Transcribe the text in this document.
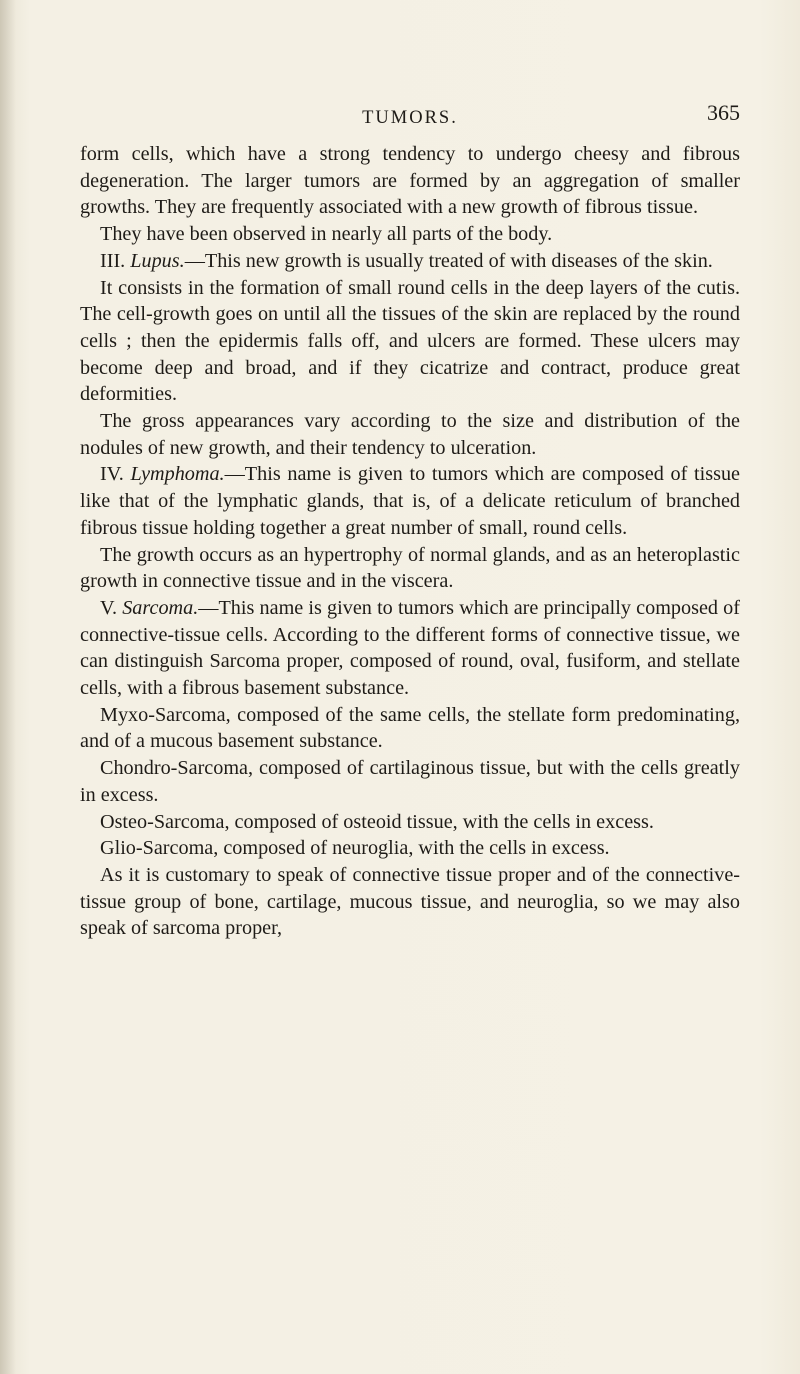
TUMORS.	365

form cells, which have a strong tendency to undergo cheesy and fibrous degeneration. The larger tumors are formed by an aggregation of smaller growths. They are frequently associated with a new growth of fibrous tissue.

They have been observed in nearly all parts of the body.

III. Lupus.—This new growth is usually treated of with diseases of the skin.

It consists in the formation of small round cells in the deep layers of the cutis. The cell-growth goes on until all the tissues of the skin are replaced by the round cells ; then the epidermis falls off, and ulcers are formed. These ulcers may become deep and broad, and if they cicatrize and contract, produce great deformities.

The gross appearances vary according to the size and distribution of the nodules of new growth, and their tendency to ulceration.

IV. Lymphoma.—This name is given to tumors which are composed of tissue like that of the lymphatic glands, that is, of a delicate reticulum of branched fibrous tissue holding together a great number of small, round cells.

The growth occurs as an hypertrophy of normal glands, and as an heteroplastic growth in connective tissue and in the viscera.

V. Sarcoma.—This name is given to tumors which are principally composed of connective-tissue cells. According to the different forms of connective tissue, we can distinguish Sarcoma proper, composed of round, oval, fusiform, and stellate cells, with a fibrous basement substance.

Myxo-Sarcoma, composed of the same cells, the stellate form predominating, and of a mucous basement substance.

Chondro-Sarcoma, composed of cartilaginous tissue, but with the cells greatly in excess.

Osteo-Sarcoma, composed of osteoid tissue, with the cells in excess.

Glio-Sarcoma, composed of neuroglia, with the cells in excess.

As it is customary to speak of connective tissue proper and of the connective-tissue group of bone, cartilage, mucous tissue, and neuroglia, so we may also speak of sarcoma proper,
